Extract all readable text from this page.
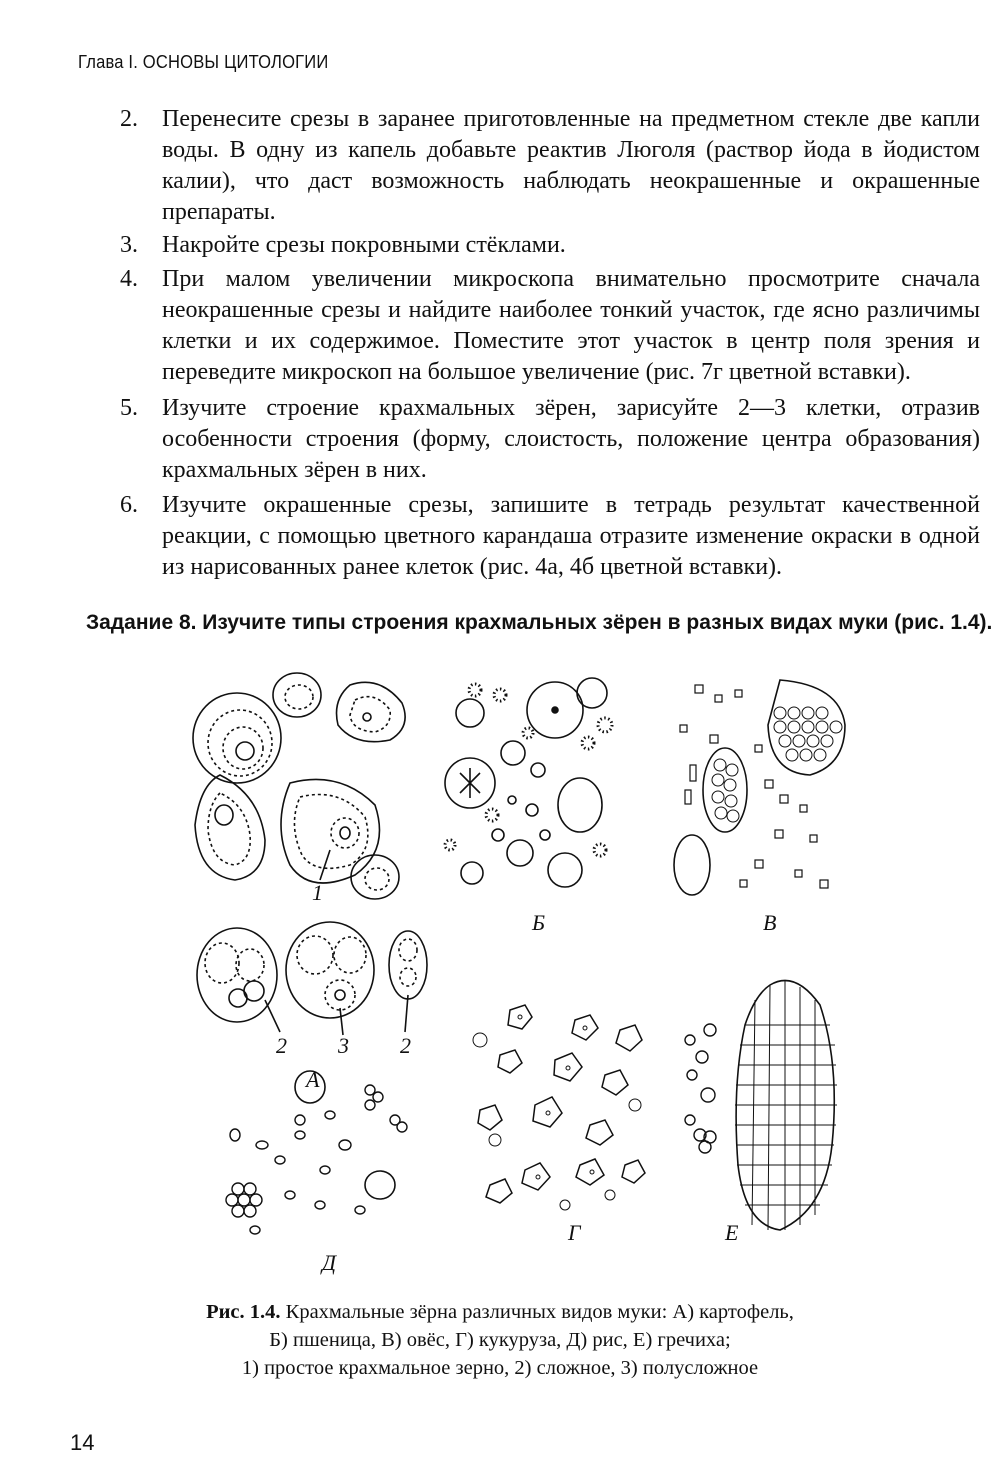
Глава I. ОСНОВЫ ЦИТОЛОГИИ
2. Перенесите срезы в заранее приготовленные на предметном стекле две капли воды. В одну из капель добавьте реактив Люголя (раствор йода в йодистом калии), что даст возможность наблюдать неокрашенные и окрашенные препараты.
3. Накройте срезы покровными стёклами.
4. При малом увеличении микроскопа внимательно просмотрите сначала неокрашенные срезы и найдите наиболее тонкий участок, где ясно различимы клетки и их содержимое. Поместите этот участок в центр поля зрения и переведите микроскоп на большое увеличение (рис. 7г цветной вставки).
5. Изучите строение крахмальных зёрен, зарисуйте 2—3 клетки, отразив особенности строения (форму, слоистость, положение центра образования) крахмальных зёрен в них.
6. Изучите окрашенные срезы, запишите в тетрадь результат качественной реакции, с помощью цветного карандаша отразите изменение окраски в одной из нарисованных ранее клеток (рис. 4а, 4б цветной вставки).
Задание 8. Изучите типы строения крахмальных зёрен в разных видах муки (рис. 1.4).
Б	В
1
2 3 2
А
Г	Е
Д
Рис. 1.4. Крахмальные зёрна различных видов муки: А) картофель,
Б) пшеница, В) овёс, Г) кукуруза, Д) рис, Е) гречиха;
1) простое крахмальное зерно, 2) сложное, 3) полусложное
14
